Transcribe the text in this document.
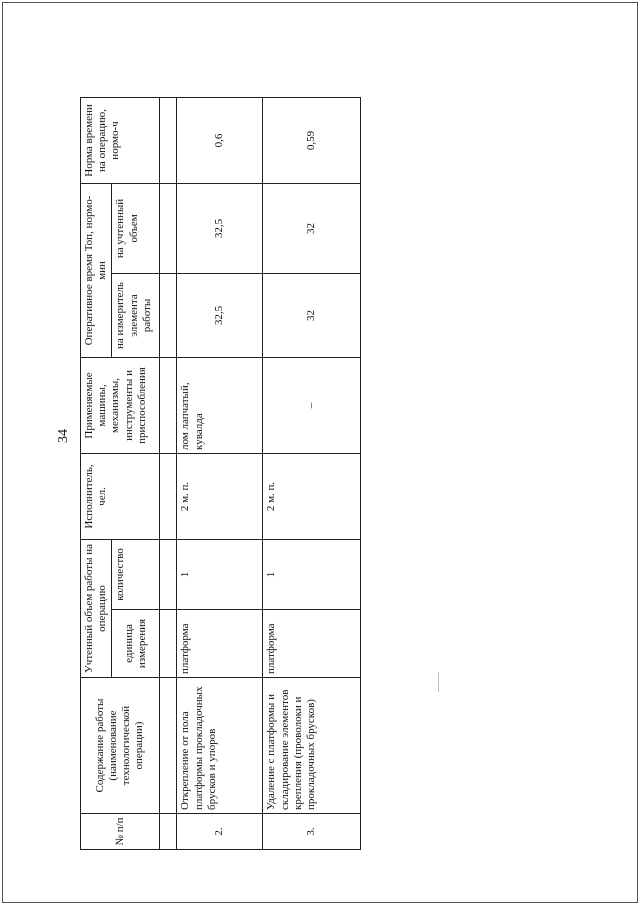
34
№ п/п	Содержание работы (наименование технологической операции)	Учтенный объем работы на операцию		Исполнитель, чел.	Применяемые машины, механизмы, инструменты и приспособления	Оперативное время Топ, нормо-мин		Норма времени на операцию, нормо-ч
		единица измерения	количество			на измеритель элемента работы	на учтенный объем	

2.	Открепление от пола платформы прокладочных брусков и упоров	платформа	1	2 м. п.	лом лапчатый, кувалда	32,5	32,5	0,6
3.	Удаление с платформы и складирование элементов крепления (проволоки и прокладочных брусков)	платформа	1	2 м. п.	–	32	32	0,59
